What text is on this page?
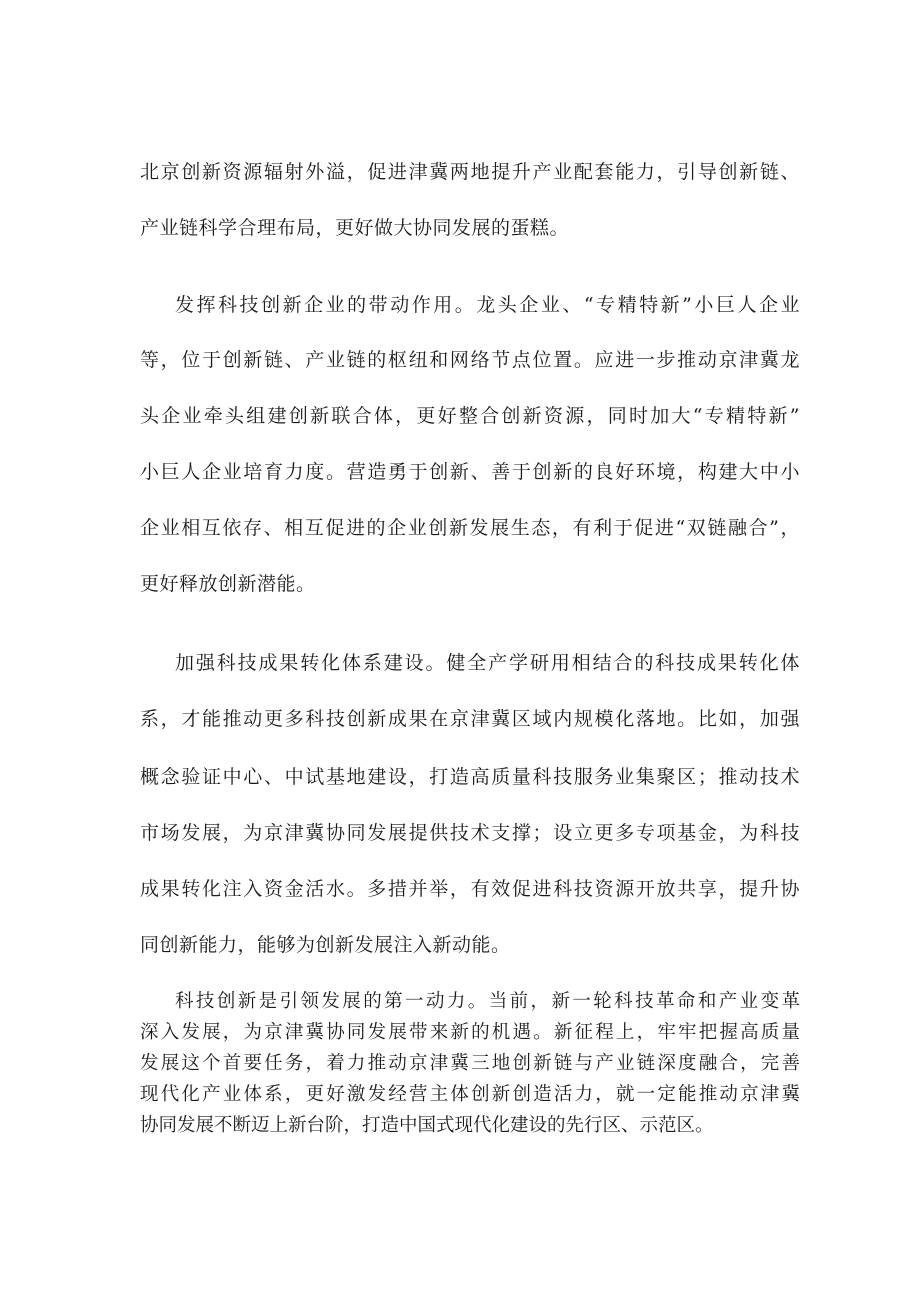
北京创新资源辐射外溢，促进津冀两地提升产业配套能力，引导创新链、

产业链科学合理布局，更好做大协同发展的蛋糕。

发挥科技创新企业的带动作用。龙头企业、“专精特新”小巨人企业

等，位于创新链、产业链的枢纽和网络节点位置。应进一步推动京津冀龙

头企业牵头组建创新联合体，更好整合创新资源，同时加大“专精特新”

小巨人企业培育力度。营造勇于创新、善于创新的良好环境，构建大中小

企业相互依存、相互促进的企业创新发展生态，有利于促进“双链融合”，

更好释放创新潜能。

加强科技成果转化体系建设。健全产学研用相结合的科技成果转化体

系，才能推动更多科技创新成果在京津冀区域内规模化落地。比如，加强

概念验证中心、中试基地建设，打造高质量科技服务业集聚区；推动技术

市场发展，为京津冀协同发展提供技术支撑；设立更多专项基金，为科技

成果转化注入资金活水。多措并举，有效促进科技资源开放共享，提升协

同创新能力，能够为创新发展注入新动能。

科技创新是引领发展的第一动力。当前，新一轮科技革命和产业变革

深入发展，为京津冀协同发展带来新的机遇。新征程上，牢牢把握高质量

发展这个首要任务，着力推动京津冀三地创新链与产业链深度融合，完善

现代化产业体系，更好激发经营主体创新创造活力，就一定能推动京津冀

协同发展不断迈上新台阶，打造中国式现代化建设的先行区、示范区。
